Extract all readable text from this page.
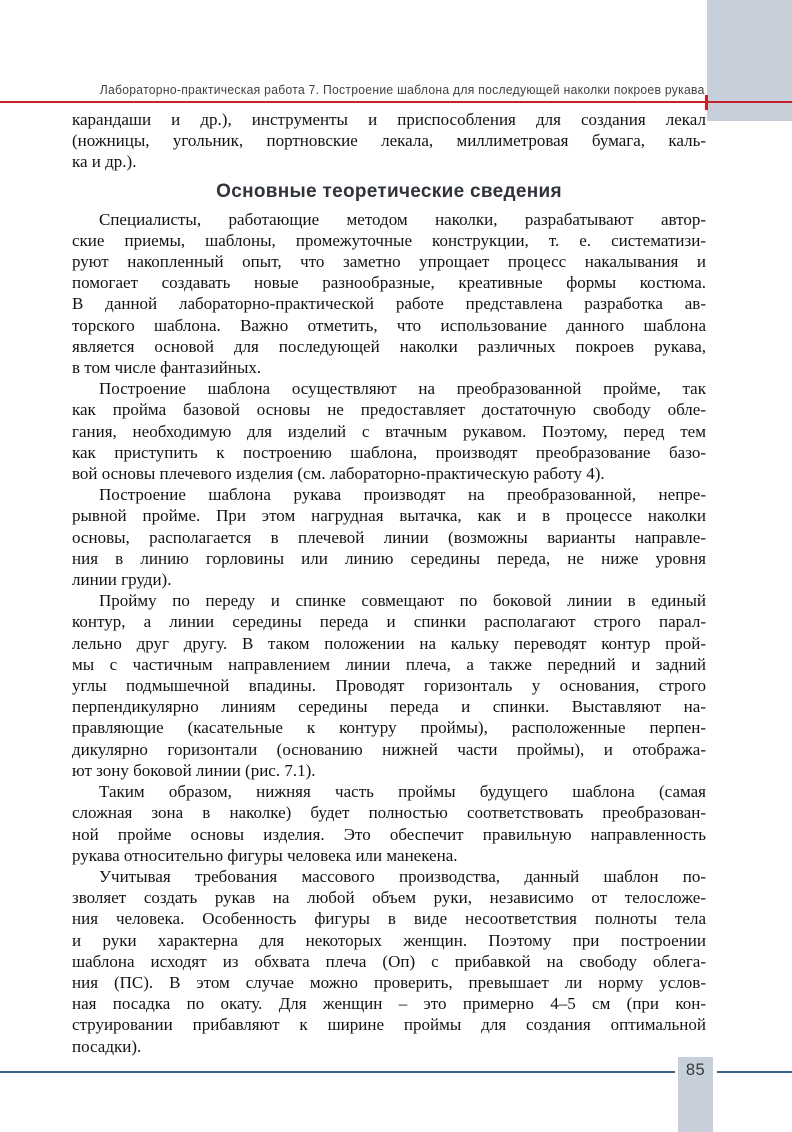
Лабораторно-практическая работа 7. Построение шаблона для последующей наколки покроев рукава
карандаши и др.), инструменты и приспособления для создания лекал
(ножницы, угольник, портновские лекала, миллиметровая бумага, каль-
ка и др.).
Основные теоретические сведения
Специалисты, работающие методом наколки, разрабатывают автор-
ские приемы, шаблоны, промежуточные конструкции, т. е. систематизи-
руют накопленный опыт, что заметно упрощает процесс накалывания и
помогает создавать новые разнообразные, креативные формы костюма.
В данной лабораторно-практической работе представлена разработка ав-
торского шаблона. Важно отметить, что использование данного шаблона
является основой для последующей наколки различных покроев рукава,
в том числе фантазийных.
Построение шаблона осуществляют на преобразованной пройме, так
как пройма базовой основы не предоставляет достаточную свободу обле-
гания, необходимую для изделий с втачным рукавом. Поэтому, перед тем
как приступить к построению шаблона, производят преобразование базо-
вой основы плечевого изделия (см. лабораторно-практическую работу 4).
Построение шаблона рукава производят на преобразованной, непре-
рывной пройме. При этом нагрудная вытачка, как и в процессе наколки
основы, располагается в плечевой линии (возможны варианты направле-
ния в линию горловины или линию середины переда, не ниже уровня
линии груди).
Пройму по переду и спинке совмещают по боковой линии в единый
контур, а линии середины переда и спинки располагают строго парал-
лельно друг другу. В таком положении на кальку переводят контур прой-
мы с частичным направлением линии плеча, а также передний и задний
углы подмышечной впадины. Проводят горизонталь у основания, строго
перпендикулярно линиям середины переда и спинки. Выставляют на-
правляющие (касательные к контуру проймы), расположенные перпен-
дикулярно горизонтали (основанию нижней части проймы), и отобража-
ют зону боковой линии (рис. 7.1).
Таким образом, нижняя часть проймы будущего шаблона (самая
сложная зона в наколке) будет полностью соответствовать преобразован-
ной пройме основы изделия. Это обеспечит правильную направленность
рукава относительно фигуры человека или манекена.
Учитывая требования массового производства, данный шаблон по-
зволяет создать рукав на любой объем руки, независимо от телосложе-
ния человека. Особенность фигуры в виде несоответствия полноты тела
и руки характерна для некоторых женщин. Поэтому при построении
шаблона исходят из обхвата плеча (Оп) с прибавкой на свободу облега-
ния (ПС). В этом случае можно проверить, превышает ли норму услов-
ная посадка по окату. Для женщин – это примерно 4–5 см (при кон-
струировании прибавляют к ширине проймы для создания оптимальной
посадки).
85
